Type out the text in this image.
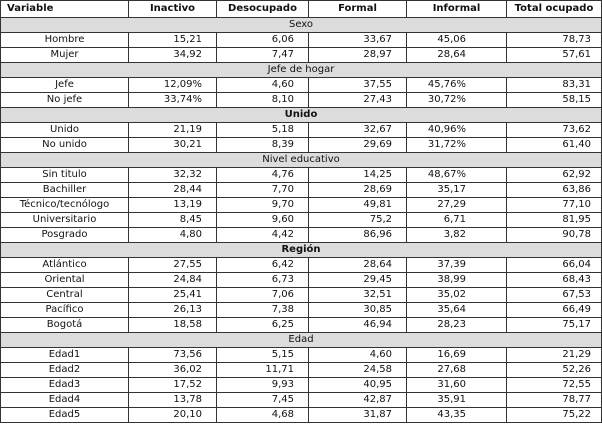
Variable	Inactivo	Desocupado	Formal	Informal	Total ocupado
Sexo					
Hombre	15,21	6,06	33,67	45,06	78,73
Mujer	34,92	7,47	28,97	28,64	57,61
Jefe de hogar					
Jefe	12,09%	4,60	37,55	45,76%	83,31
No jefe	33,74%	8,10	27,43	30,72%	58,15
Unido					
Unido	21,19	5,18	32,67	40,96%	73,62
No unido	30,21	8,39	29,69	31,72%	61,40
Nivel educativo					
Sin titulo	32,32	4,76	14,25	48,67%	62,92
Bachiller	28,44	7,70	28,69	35,17	63,86
Técnico/tecnólogo	13,19	9,70	49,81	27,29	77,10
Universitario	8,45	9,60	75,2	6,71	81,95
Posgrado	4,80	4,42	86,96	3,82	90,78
Región					
Atlántico	27,55	6,42	28,64	37,39	66,04
Oriental	24,84	6,73	29,45	38,99	68,43
Central	25,41	7,06	32,51	35,02	67,53
Pacífico	26,13	7,38	30,85	35,64	66,49
Bogotá	18,58	6,25	46,94	28,23	75,17
Edad					
Edad1	73,56	5,15	4,60	16,69	21,29
Edad2	36,02	11,71	24,58	27,68	52,26
Edad3	17,52	9,93	40,95	31,60	72,55
Edad4	13,78	7,45	42,87	35,91	78,77
Edad5	20,10	4,68	31,87	43,35	75,22
